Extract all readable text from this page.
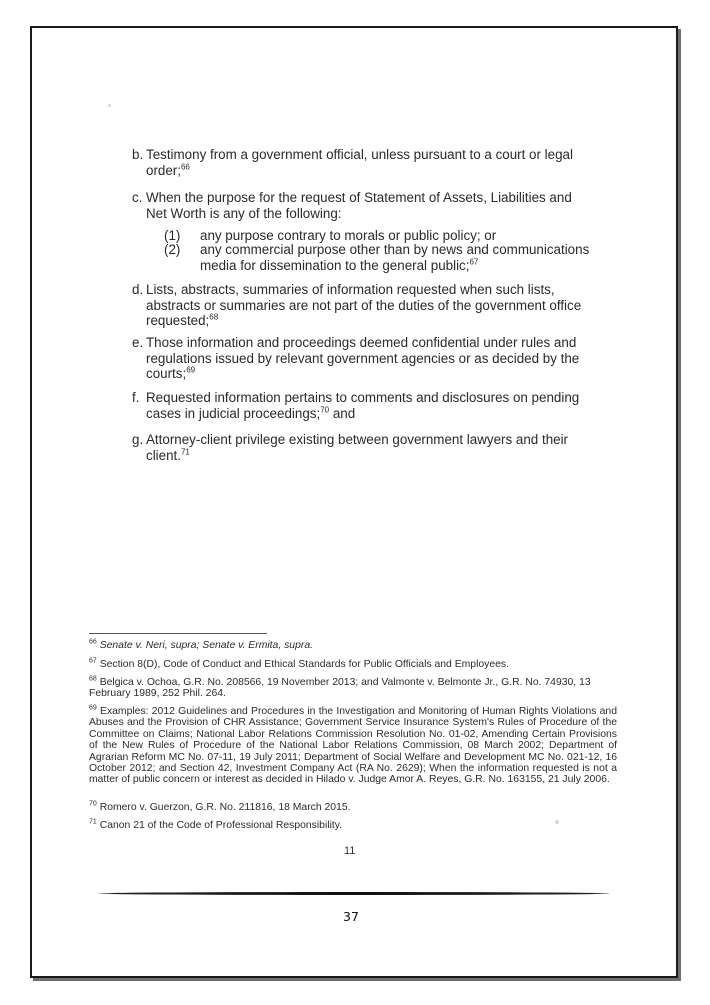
b. Testimony from a government official, unless pursuant to a court or legal
order;$^{66}$
c. When the purpose for the request of Statement of Assets, Liabilities and
Net Worth is any of the following:
(1) any purpose contrary to morals or public policy; or
(2) any commercial purpose other than by news and communications
media for dissemination to the general public;$^{67}$
d. Lists, abstracts, summaries of information requested when such lists,
abstracts or summaries are not part of the duties of the government office
requested;$^{68}$
e. Those information and proceedings deemed confidential under rules and
regulations issued by relevant government agencies or as decided by the
courts;$^{69}$
f. Requested information pertains to comments and disclosures on pending
cases in judicial proceedings;$^{70}$ and
g. Attorney-client privilege existing between government lawyers and their
client.$^{71}$
$^{66}$ Senate v. Neri, supra; Senate v. Ermita, supra.
$^{67}$ Section 8(D), Code of Conduct and Ethical Standards for Public Officials and Employees.
$^{68}$ Belgica v. Ochoa, G.R. No. 208566, 19 November 2013; and Valmonte v. Belmonte Jr., G.R. No. 74930, 13 February 1989, 252 Phil. 264.
$^{69}$ Examples: 2012 Guidelines and Procedures in the Investigation and Monitoring of Human Rights Violations and Abuses and the Provision of CHR Assistance; Government Service Insurance System's Rules of Procedure of the Committee on Claims; National Labor Relations Commission Resolution No. 01-02, Amending Certain Provisions of the New Rules of Procedure of the National Labor Relations Commission, 08 March 2002; Department of Agrarian Reform MC No. 07-11, 19 July 2011; Department of Social Welfare and Development MC No. 021-12, 16 October 2012; and Section 42, Investment Company Act (RA No. 2629); When the information requested is not a matter of public concern or interest as decided in Hilado v. Judge Amor A. Reyes, G.R. No. 163155, 21 July 2006.
$^{70}$ Romero v. Guerzon, G.R. No. 211816, 18 March 2015.
$^{71}$ Canon 21 of the Code of Professional Responsibility.
11
37
